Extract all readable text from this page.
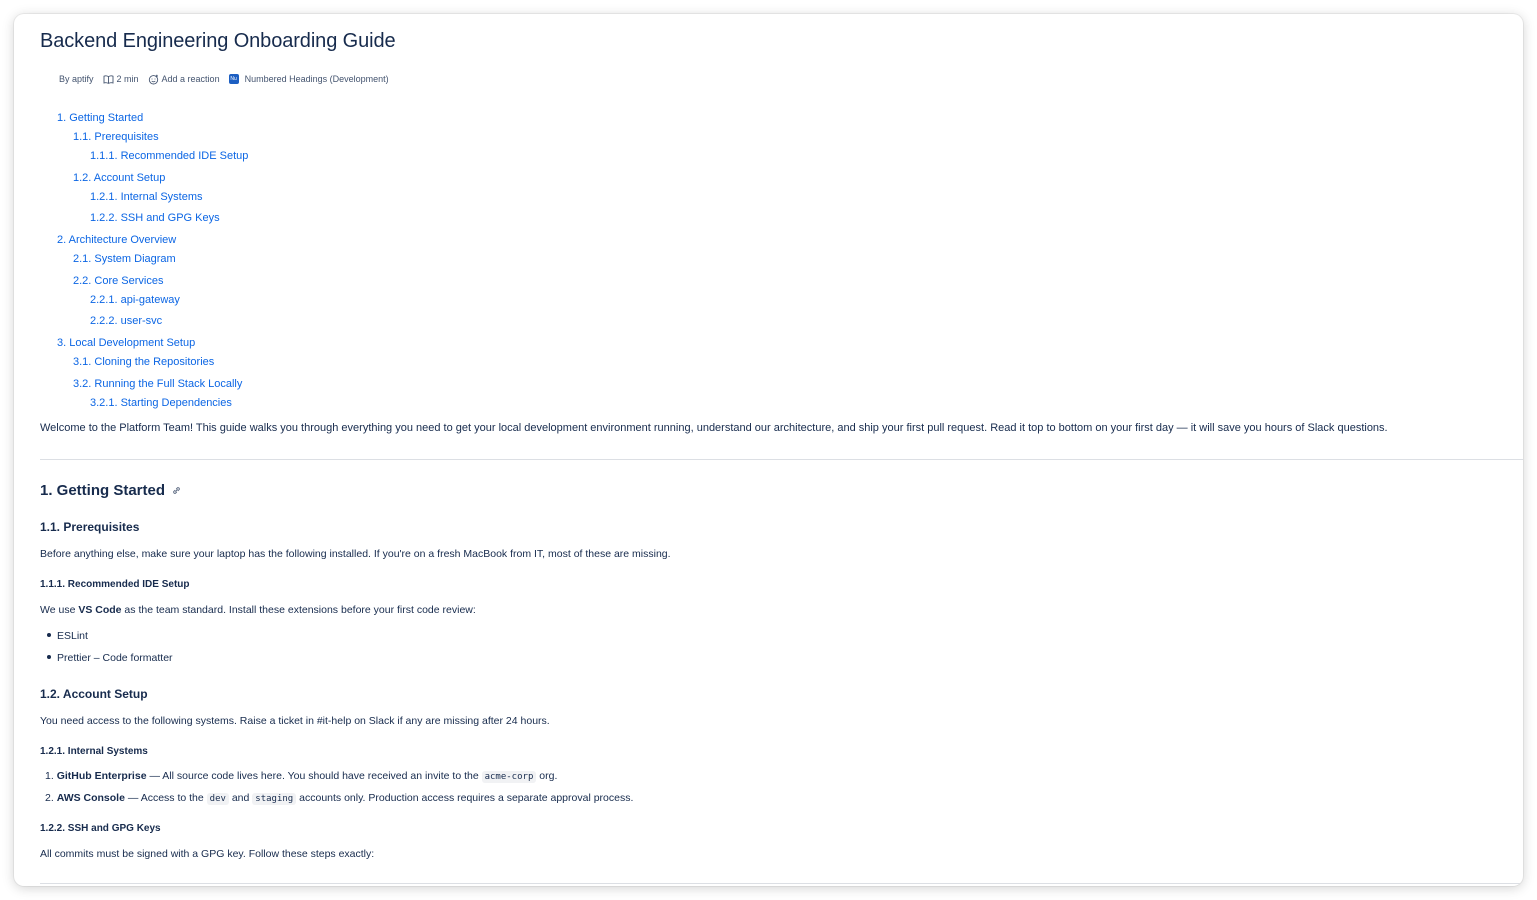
Backend Engineering Onboarding Guide
By aptify	2 min	Add a reaction	Nu Numbered Headings (Development)
1. Getting Started
1.1. Prerequisites
1.1.1. Recommended IDE Setup
1.2. Account Setup
1.2.1. Internal Systems
1.2.2. SSH and GPG Keys
2. Architecture Overview
2.1. System Diagram
2.2. Core Services
2.2.1. api-gateway
2.2.2. user-svc
3. Local Development Setup
3.1. Cloning the Repositories
3.2. Running the Full Stack Locally
3.2.1. Starting Dependencies
Welcome to the Platform Team! This guide walks you through everything you need to get your local development environment running, understand our architecture, and ship your first pull request. Read it top to bottom on your first day — it will save you hours of Slack questions.
1. Getting Started
1.1. Prerequisites
Before anything else, make sure your laptop has the following installed. If you're on a fresh MacBook from IT, most of these are missing.
1.1.1. Recommended IDE Setup
We use VS Code as the team standard. Install these extensions before your first code review:
ESLint
Prettier – Code formatter
1.2. Account Setup
You need access to the following systems. Raise a ticket in #it-help on Slack if any are missing after 24 hours.
1.2.1. Internal Systems
1. GitHub Enterprise — All source code lives here. You should have received an invite to the acme-corp org.
2. AWS Console — Access to the dev and staging accounts only. Production access requires a separate approval process.
1.2.2. SSH and GPG Keys
All commits must be signed with a GPG key. Follow these steps exactly:
